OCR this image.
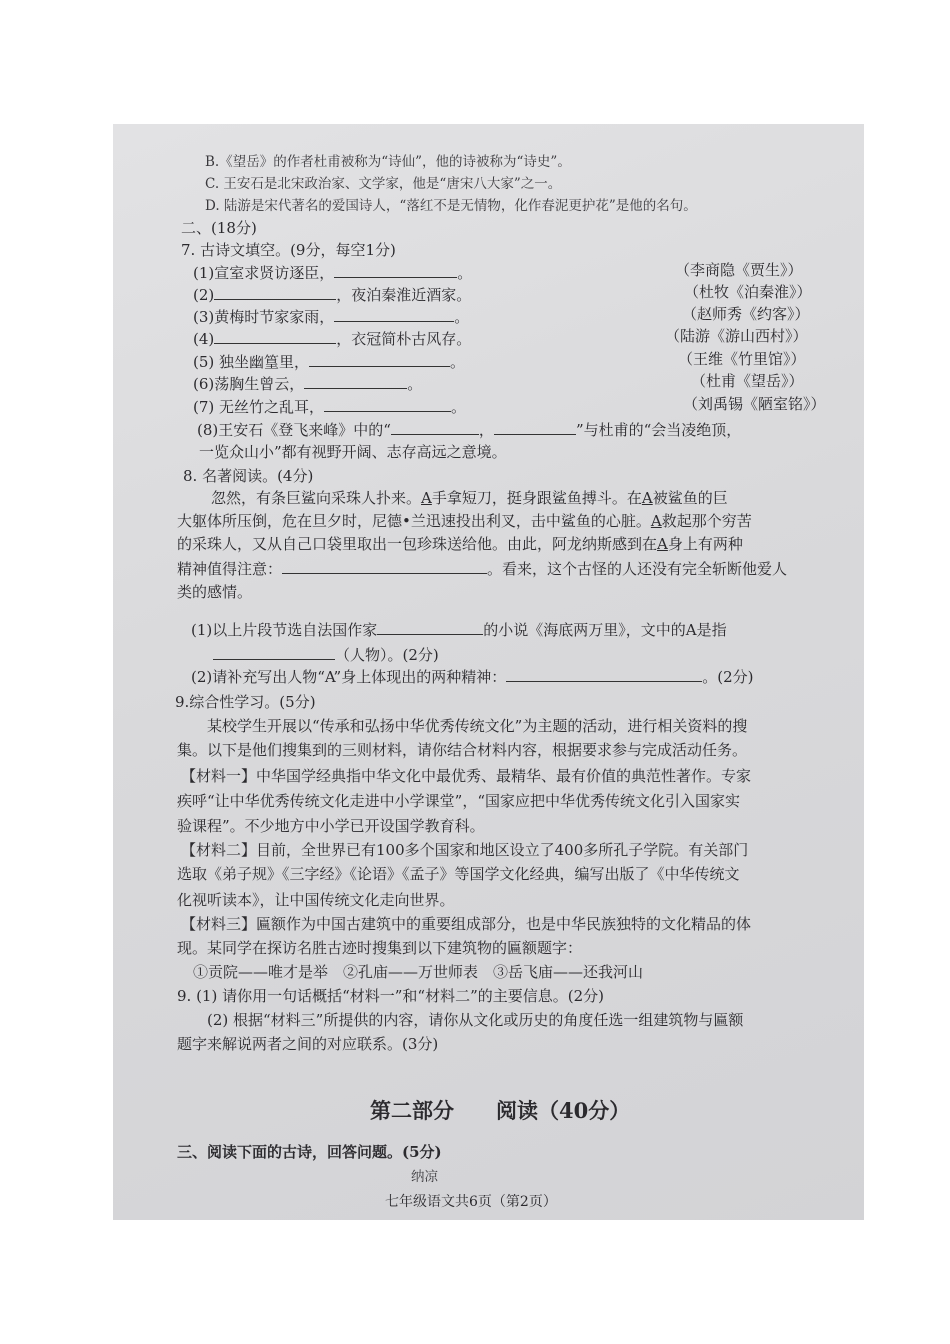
B.《望岳》的作者杜甫被称为“诗仙”，他的诗被称为“诗史”。
C. 王安石是北宋政治家、文学家，他是“唐宋八大家”之一。
D. 陆游是宋代著名的爱国诗人，“落红不是无情物，化作春泥更护花”是他的名句。
二、(18分)
7. 古诗文填空。(9分，每空1分)
(1)宣室求贤访逐臣，	。	（李商隐《贾生》）
(2)	，夜泊秦淮近酒家。	（杜牧《泊秦淮》）
(3)黄梅时节家家雨，	。	（赵师秀《约客》）
(4)	，衣冠简朴古风存。	（陆游《游山西村》）
(5) 独坐幽篁里，	。	（王维《竹里馆》）
(6)荡胸生曾云，	。	（杜甫《望岳》）
(7) 无丝竹之乱耳，	。	（刘禹锡《陋室铭》）
(8)王安石《登飞来峰》中的“	，	”与杜甫的“会当凌绝顶，
一览众山小”都有视野开阔、志存高远之意境。
8. 名著阅读。(4分)
忽然，有条巨鲨向采珠人扑来。A手拿短刀，挺身跟鲨鱼搏斗。在A被鲨鱼的巨
大躯体所压倒，危在旦夕时，尼德•兰迅速投出利叉，击中鲨鱼的心脏。A救起那个穷苦
的采珠人，又从自己口袋里取出一包珍珠送给他。由此，阿龙纳斯感到在A身上有两种
精神值得注意：	。看来，这个古怪的人还没有完全斩断他爱人
类的感情。
(1)以上片段节选自法国作家	的小说《海底两万里》，文中的A是指
（人物）。(2分)
(2)请补充写出人物“A”身上体现出的两种精神：	。(2分)
9.综合性学习。(5分)
某校学生开展以“传承和弘扬中华优秀传统文化”为主题的活动，进行相关资料的搜
集。以下是他们搜集到的三则材料，请你结合材料内容，根据要求参与完成活动任务。
【材料一】中华国学经典指中华文化中最优秀、最精华、最有价值的典范性著作。专家
疾呼“让中华优秀传统文化走进中小学课堂”，“国家应把中华优秀传统文化引入国家实
验课程”。不少地方中小学已开设国学教育科。
【材料二】目前，全世界已有100多个国家和地区设立了400多所孔子学院。有关部门
选取《弟子规》《三字经》《论语》《孟子》等国学文化经典，编写出版了《中华传统文
化视听读本》，让中国传统文化走向世界。
【材料三】匾额作为中国古建筑中的重要组成部分，也是中华民族独特的文化精品的体
现。某同学在探访名胜古迹时搜集到以下建筑物的匾额题字：
①贡院——唯才是举　②孔庙——万世师表　③岳飞庙——还我河山
9. (1) 请你用一句话概括“材料一”和“材料二”的主要信息。(2分)
(2) 根据“材料三”所提供的内容，请你从文化或历史的角度任选一组建筑物与匾额
题字来解说两者之间的对应联系。(3分)
第二部分　　阅读（40分）
三、阅读下面的古诗，回答问题。(5分)
纳凉
七年级语文共6页（第2页）
